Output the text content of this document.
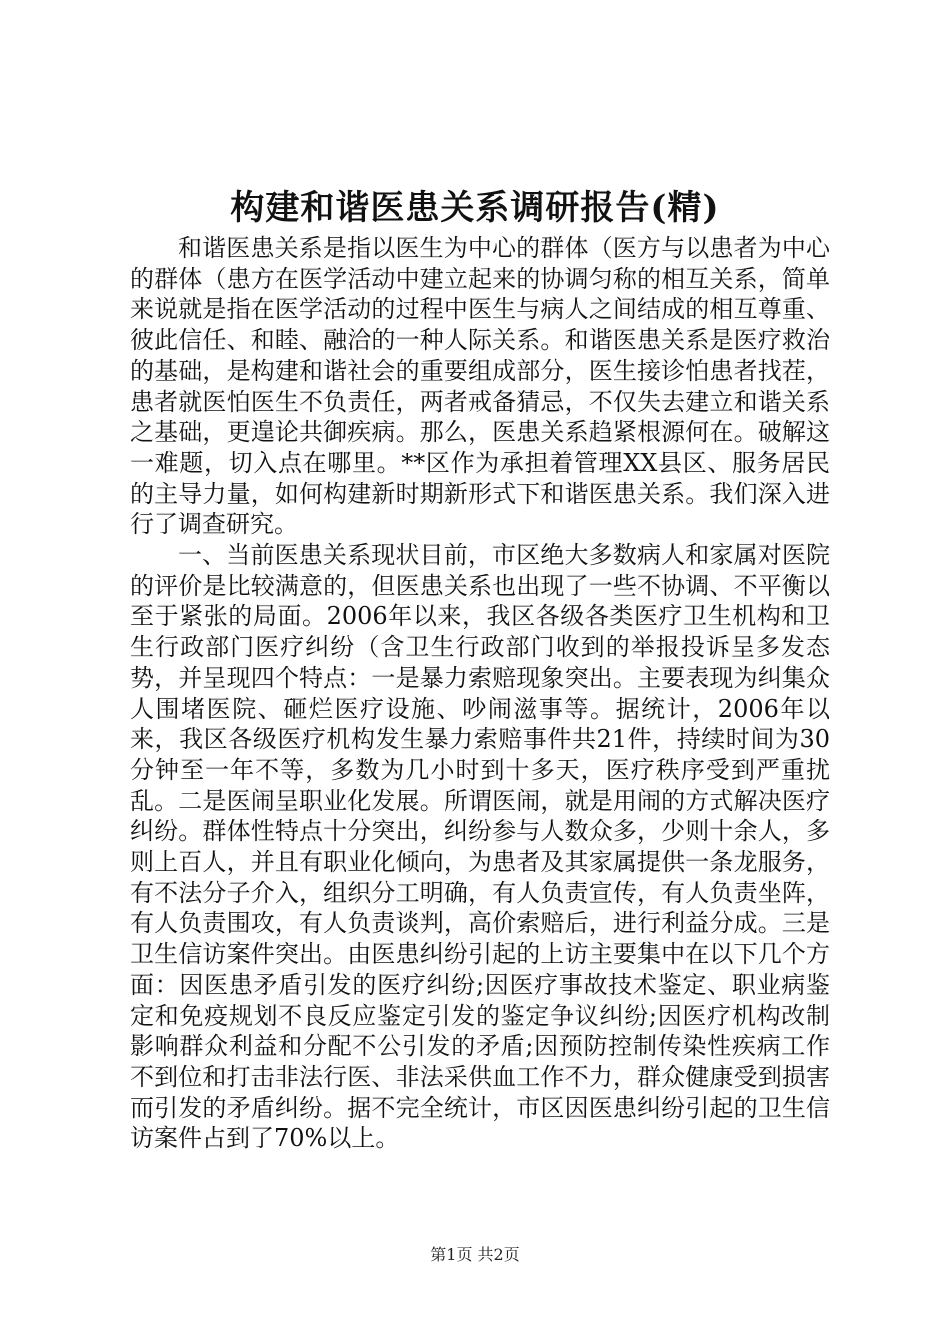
构建和谐医患关系调研报告(精)

和谐医患关系是指以医生为中心的群体（医方与以患者为中心的群体（患方在医学活动中建立起来的协调匀称的相互关系，简单来说就是指在医学活动的过程中医生与病人之间结成的相互尊重、彼此信任、和睦、融洽的一种人际关系。和谐医患关系是医疗救治的基础，是构建和谐社会的重要组成部分，医生接诊怕患者找茬，患者就医怕医生不负责任，两者戒备猜忌，不仅失去建立和谐关系之基础，更遑论共御疾病。那么，医患关系趋紧根源何在。破解这一难题，切入点在哪里。**区作为承担着管理XX县区、服务居民的主导力量，如何构建新时期新形式下和谐医患关系。我们深入进行了调查研究。

一、当前医患关系现状目前，市区绝大多数病人和家属对医院的评价是比较满意的，但医患关系也出现了一些不协调、不平衡以至于紧张的局面。2006年以来，我区各级各类医疗卫生机构和卫生行政部门医疗纠纷（含卫生行政部门收到的举报投诉呈多发态势，并呈现四个特点：一是暴力索赔现象突出。主要表现为纠集众人围堵医院、砸烂医疗设施、吵闹滋事等。据统计，2006年以来，我区各级医疗机构发生暴力索赔事件共21件，持续时间为30分钟至一年不等，多数为几小时到十多天，医疗秩序受到严重扰乱。二是医闹呈职业化发展。所谓医闹，就是用闹的方式解决医疗纠纷。群体性特点十分突出，纠纷参与人数众多，少则十余人，多则上百人，并且有职业化倾向，为患者及其家属提供一条龙服务，有不法分子介入，组织分工明确，有人负责宣传，有人负责坐阵，有人负责围攻，有人负责谈判，高价索赔后，进行利益分成。三是卫生信访案件突出。由医患纠纷引起的上访主要集中在以下几个方面：因医患矛盾引发的医疗纠纷;因医疗事故技术鉴定、职业病鉴定和免疫规划不良反应鉴定引发的鉴定争议纠纷;因医疗机构改制影响群众利益和分配不公引发的矛盾;因预防控制传染性疾病工作不到位和打击非法行医、非法采供血工作不力，群众健康受到损害而引发的矛盾纠纷。据不完全统计，市区因医患纠纷引起的卫生信访案件占到了70%以上。

第1页 共2页
